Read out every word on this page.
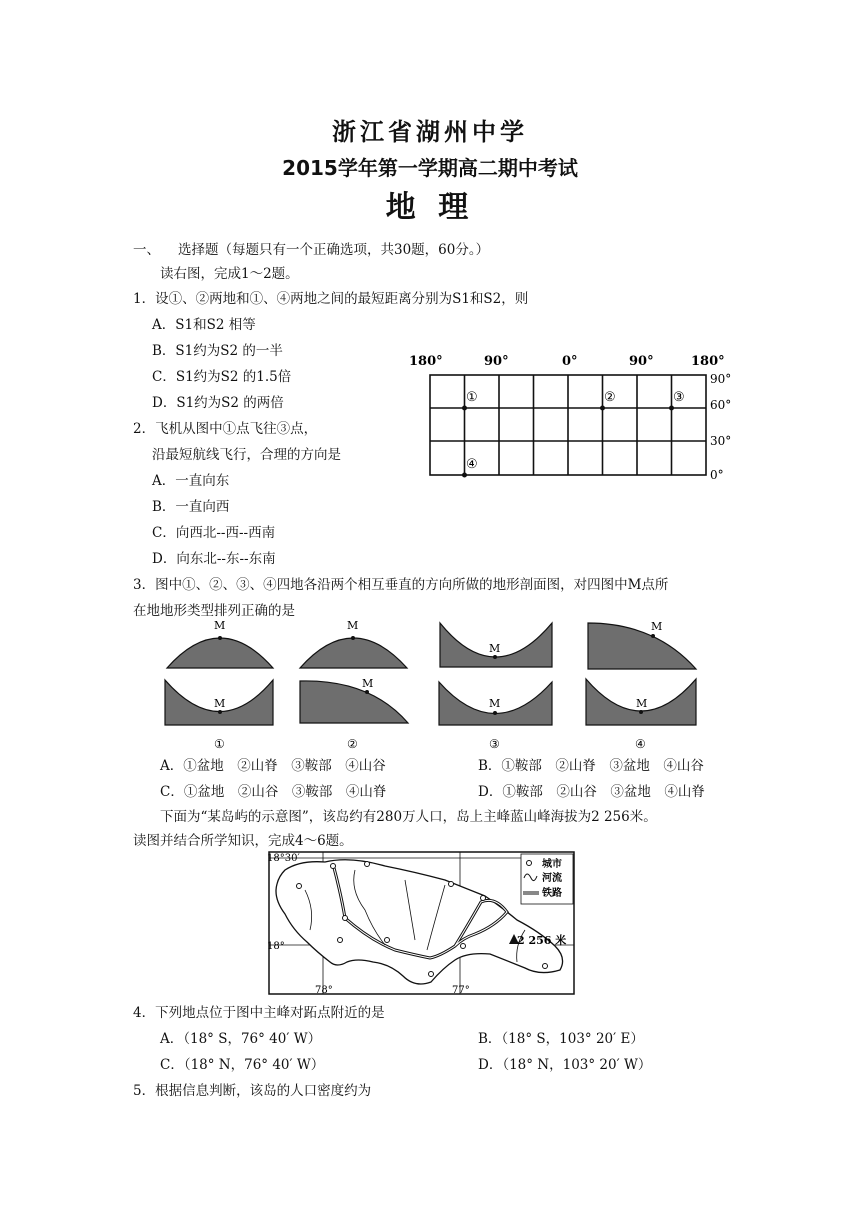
浙江省湖州中学
2015学年第一学期高二期中考试
地 理
一、 选择题（每题只有一个正确选项，共30题，60分。）
读右图，完成1～2题。
1．设①、②两地和①、④两地之间的最短距离分别为S1和S2，则
A．S1和S2 相等
B．S1约为S2 的一半
C．S1约为S2 的1.5倍
D．S1约为S2 的两倍
2．飞机从图中①点飞往③点，
沿最短航线飞行，合理的方向是
A．一直向东
B．一直向西
C．向西北--西--西南
D．向东北--东--东南
180°	90°	0°	90°	180°
90°
60°
30°
0°
①	②	③
④
3．图中①、②、③、④四地各沿两个相互垂直的方向所做的地形剖面图，对四图中M点所
在地地形类型排列正确的是
M
M
M
M
M
M
M
M
①	②	③	④
A．①盆地　②山脊　③鞍部　④山谷	B．①鞍部　②山脊　③盆地　④山谷
C．①盆地　②山谷　③鞍部　④山脊	D．①鞍部　②山谷　③盆地　④山脊
下面为“某岛屿的示意图”，该岛约有280万人口，岛上主峰蓝山峰海拔为2 256米。
读图并结合所学知识，完成4～6题。
2 256 米
18°30′
18°
78°	77°
城市
河流
铁路
4．下列地点位于图中主峰对跖点附近的是
A．（18° S，76° 40′ W）	B．（18° S，103° 20′ E）
C．（18° N，76° 40′ W）	D．（18° N，103° 20′ W）
5．根据信息判断，该岛的人口密度约为
